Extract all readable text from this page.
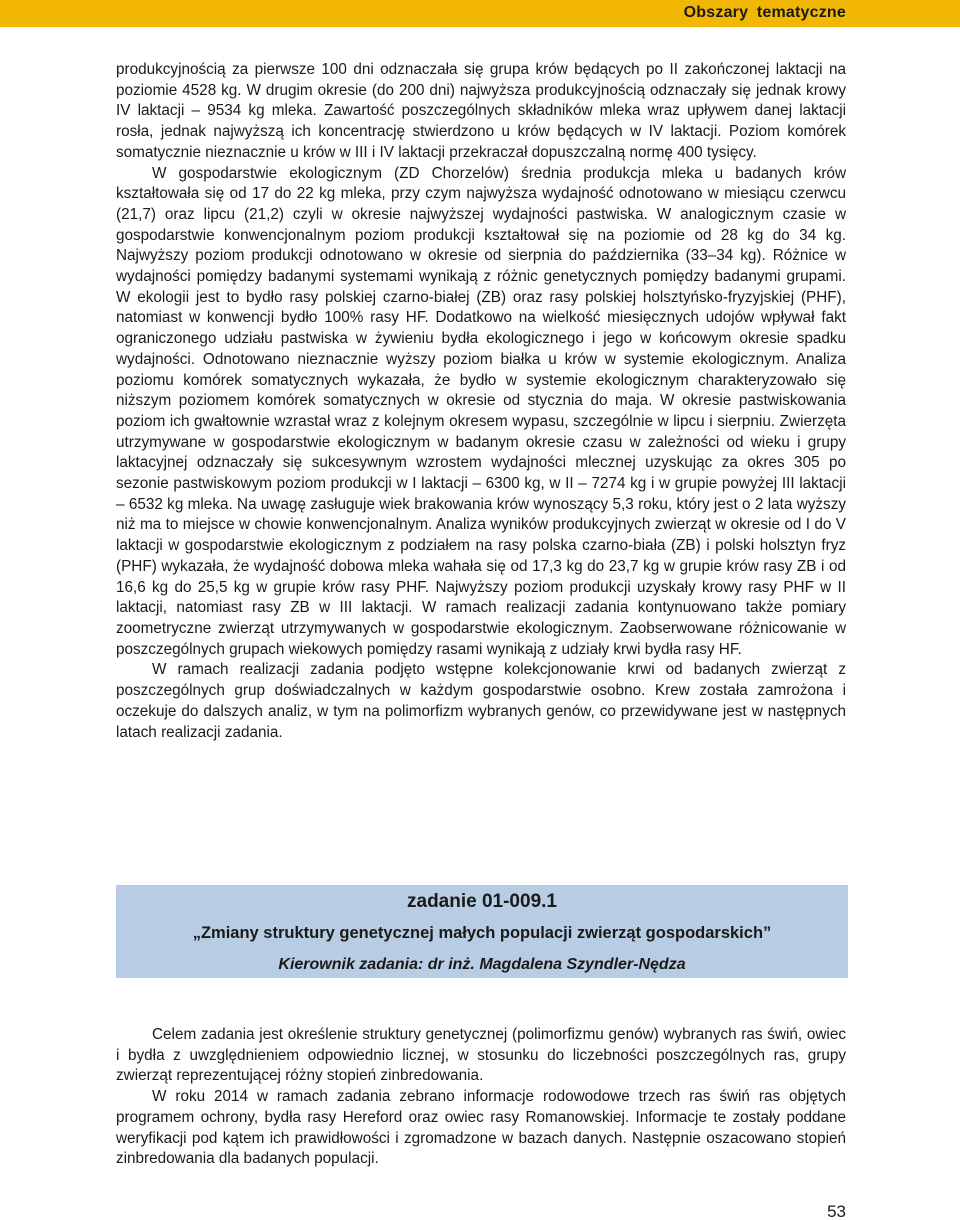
Obszary tematyczne

produkcyjnością za pierwsze 100 dni odznaczała się grupa krów będących po II zakończonej laktacji na poziomie 4528 kg. W drugim okresie (do 200 dni) najwyższa produkcyjnością odznaczały się jednak krowy IV laktacji – 9534 kg mleka. Zawartość poszczególnych składników mleka wraz upływem danej laktacji rosła, jednak najwyższą ich koncentrację stwierdzono u krów będących w IV laktacji. Poziom komórek somatycznie nieznacznie u krów w III i IV laktacji przekraczał dopuszczalną normę 400 tysięcy.

W gospodarstwie ekologicznym (ZD Chorzelów) średnia produkcja mleka u badanych krów kształtowała się od 17 do 22 kg mleka, przy czym najwyższa wydajność odnotowano w miesiącu czerwcu (21,7) oraz lipcu (21,2) czyli w okresie najwyższej wydajności pastwiska. W analogicznym czasie w gospodarstwie konwencjonalnym poziom produkcji kształtował się na poziomie od 28 kg do 34 kg. Najwyższy poziom produkcji odnotowano w okresie od sierpnia do października (33–34 kg). Różnice w wydajności pomiędzy badanymi systemami wynikają z różnic genetycznych pomiędzy badanymi grupami. W ekologii jest to bydło rasy polskiej czarno-białej (ZB) oraz rasy polskiej holsztyńsko-fryzyjskiej (PHF), natomiast w konwencji bydło 100% rasy HF. Dodatkowo na wielkość miesięcznych udojów wpływał fakt ograniczonego udziału pastwiska w żywieniu bydła ekologicznego i jego w końcowym okresie spadku wydajności. Odnotowano nieznacznie wyższy poziom białka u krów w systemie ekologicznym. Analiza poziomu komórek somatycznych wykazała, że bydło w systemie ekologicznym charakteryzowało się niższym poziomem komórek somatycznych w okresie od stycznia do maja. W okresie pastwiskowania poziom ich gwałtownie wzrastał wraz z kolejnym okresem wypasu, szczególnie w lipcu i sierpniu. Zwierzęta utrzymywane w gospodarstwie ekologicznym w badanym okresie czasu w zależności od wieku i grupy laktacyjnej odznaczały się sukcesywnym wzrostem wydajności mlecznej uzyskując za okres 305 po sezonie pastwiskowym poziom produkcji w I laktacji – 6300 kg, w II – 7274 kg i w grupie powyżej III laktacji – 6532 kg mleka. Na uwagę zasługuje wiek brakowania krów wynoszący 5,3 roku, który jest o 2 lata wyższy niż ma to miejsce w chowie konwencjonalnym. Analiza wyników produkcyjnych zwierząt w okresie od I do V laktacji w gospodarstwie ekologicznym z podziałem na rasy polska czarno-biała (ZB) i polski holsztyn fryz (PHF) wykazała, że wydajność dobowa mleka wahała się od 17,3 kg do 23,7 kg w grupie krów rasy ZB i od 16,6 kg do 25,5 kg w grupie krów rasy PHF. Najwyższy poziom produkcji uzyskały krowy rasy PHF w II laktacji, natomiast rasy ZB w III laktacji. W ramach realizacji zadania kontynuowano także pomiary zoometryczne zwierząt utrzymywanych w gospodarstwie ekologicznym. Zaobserwowane różnicowanie w poszczególnych grupach wiekowych pomiędzy rasami wynikają z udziały krwi bydła rasy HF.

W ramach realizacji zadania podjęto wstępne kolekcjonowanie krwi od badanych zwierząt z poszczególnych grup doświadczalnych w każdym gospodarstwie osobno. Krew została zamrożona i oczekuje do dalszych analiz, w tym na polimorfizm wybranych genów, co przewidywane jest w następnych latach realizacji zadania.

zadanie 01-009.1
„Zmiany struktury genetycznej małych populacji zwierząt gospodarskich”
Kierownik zadania: dr inż. Magdalena Szyndler-Nędza

Celem zadania jest określenie struktury genetycznej (polimorfizmu genów) wybranych ras świń, owiec i bydła z uwzględnieniem odpowiednio licznej, w stosunku do liczebności poszczególnych ras, grupy zwierząt reprezentującej różny stopień zinbredowania.

W roku 2014 w ramach zadania zebrano informacje rodowodowe trzech ras świń ras objętych programem ochrony, bydła rasy Hereford oraz owiec rasy Romanowskiej. Informacje te zostały poddane weryfikacji pod kątem ich prawidłowości i zgromadzone w bazach danych. Następnie oszacowano stopień zinbredowania dla badanych populacji.

53
